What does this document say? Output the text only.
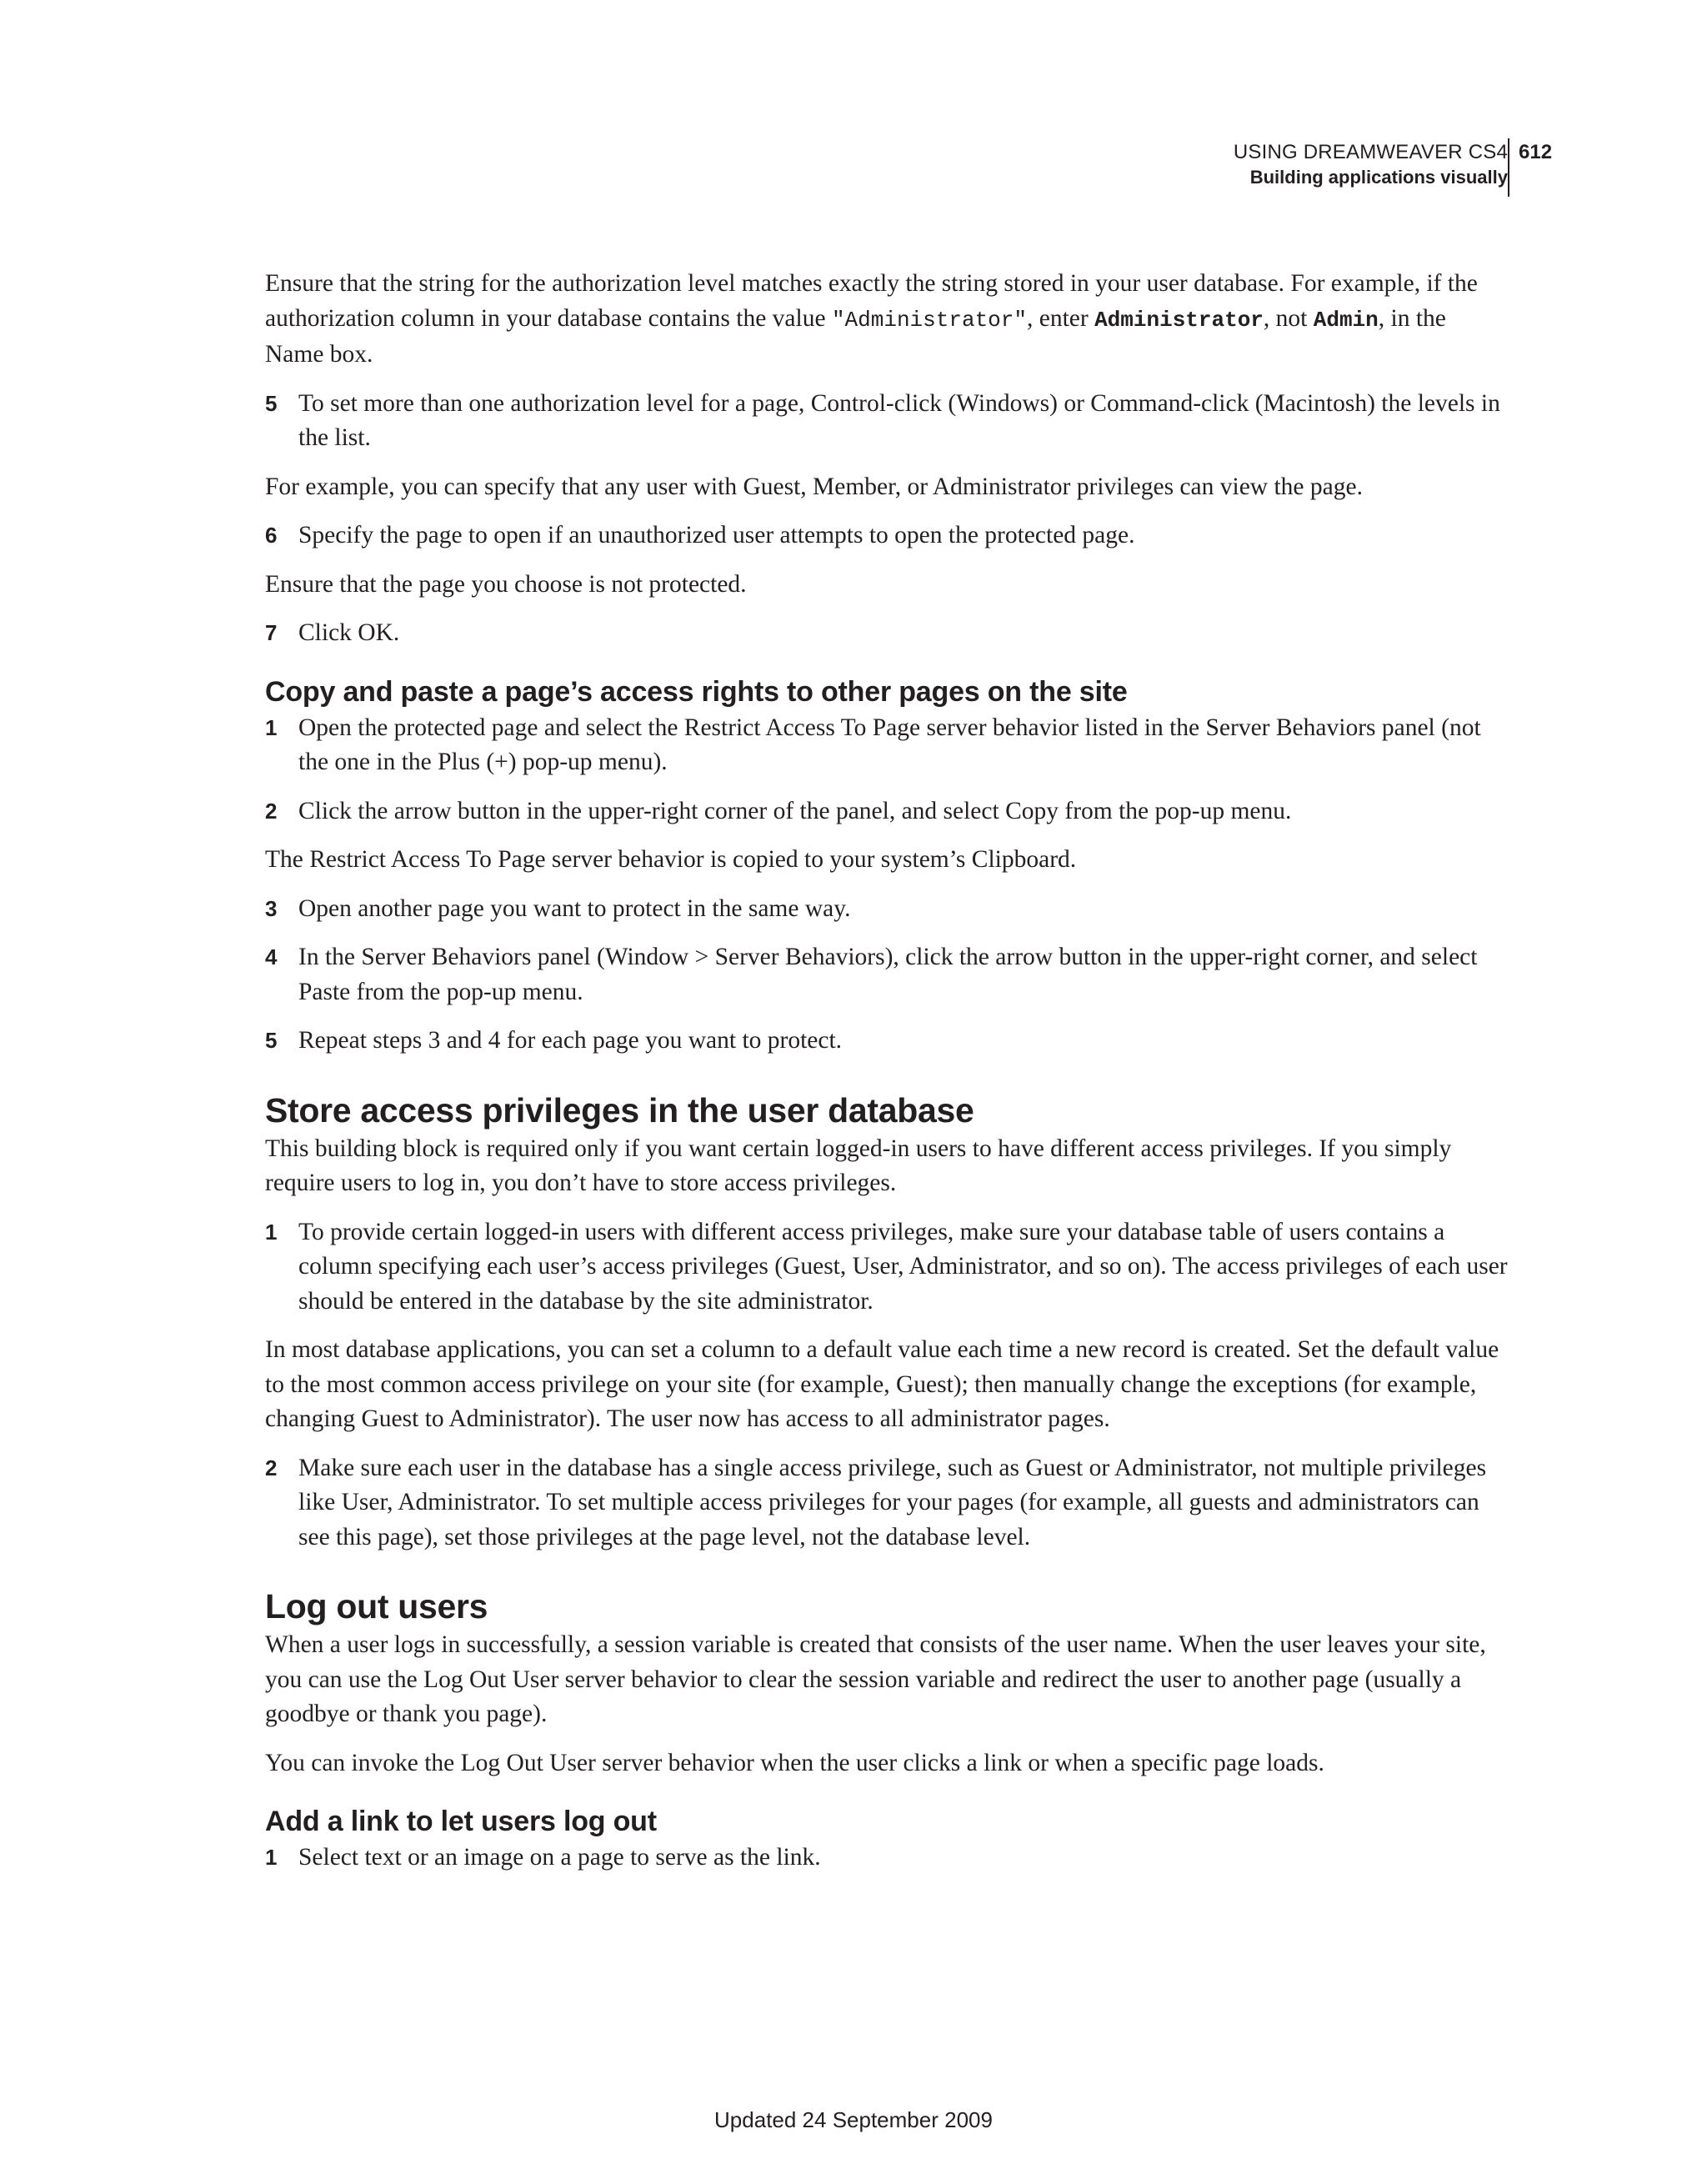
USING DREAMWEAVER CS4
Building applications visually
612

Ensure that the string for the authorization level matches exactly the string stored in your user database. For example, if the authorization column in your database contains the value "Administrator", enter Administrator, not Admin, in the Name box.

5 To set more than one authorization level for a page, Control-click (Windows) or Command-click (Macintosh) the levels in the list.

For example, you can specify that any user with Guest, Member, or Administrator privileges can view the page.

6 Specify the page to open if an unauthorized user attempts to open the protected page.

Ensure that the page you choose is not protected.

7 Click OK.
Copy and paste a page’s access rights to other pages on the site
1 Open the protected page and select the Restrict Access To Page server behavior listed in the Server Behaviors panel (not the one in the Plus (+) pop-up menu).
2 Click the arrow button in the upper-right corner of the panel, and select Copy from the pop-up menu.

The Restrict Access To Page server behavior is copied to your system’s Clipboard.

3 Open another page you want to protect in the same way.
4 In the Server Behaviors panel (Window > Server Behaviors), click the arrow button in the upper-right corner, and select Paste from the pop-up menu.
5 Repeat steps 3 and 4 for each page you want to protect.
Store access privileges in the user database

This building block is required only if you want certain logged-in users to have different access privileges. If you simply require users to log in, you don’t have to store access privileges.

1 To provide certain logged-in users with different access privileges, make sure your database table of users contains a column specifying each user’s access privileges (Guest, User, Administrator, and so on). The access privileges of each user should be entered in the database by the site administrator.

In most database applications, you can set a column to a default value each time a new record is created. Set the default value to the most common access privilege on your site (for example, Guest); then manually change the exceptions (for example, changing Guest to Administrator). The user now has access to all administrator pages.

2 Make sure each user in the database has a single access privilege, such as Guest or Administrator, not multiple privileges like User, Administrator. To set multiple access privileges for your pages (for example, all guests and administrators can see this page), set those privileges at the page level, not the database level.
Log out users

When a user logs in successfully, a session variable is created that consists of the user name. When the user leaves your site, you can use the Log Out User server behavior to clear the session variable and redirect the user to another page (usually a goodbye or thank you page).

You can invoke the Log Out User server behavior when the user clicks a link or when a specific page loads.

Add a link to let users log out
1 Select text or an image on a page to serve as the link.
Updated 24 September 2009
